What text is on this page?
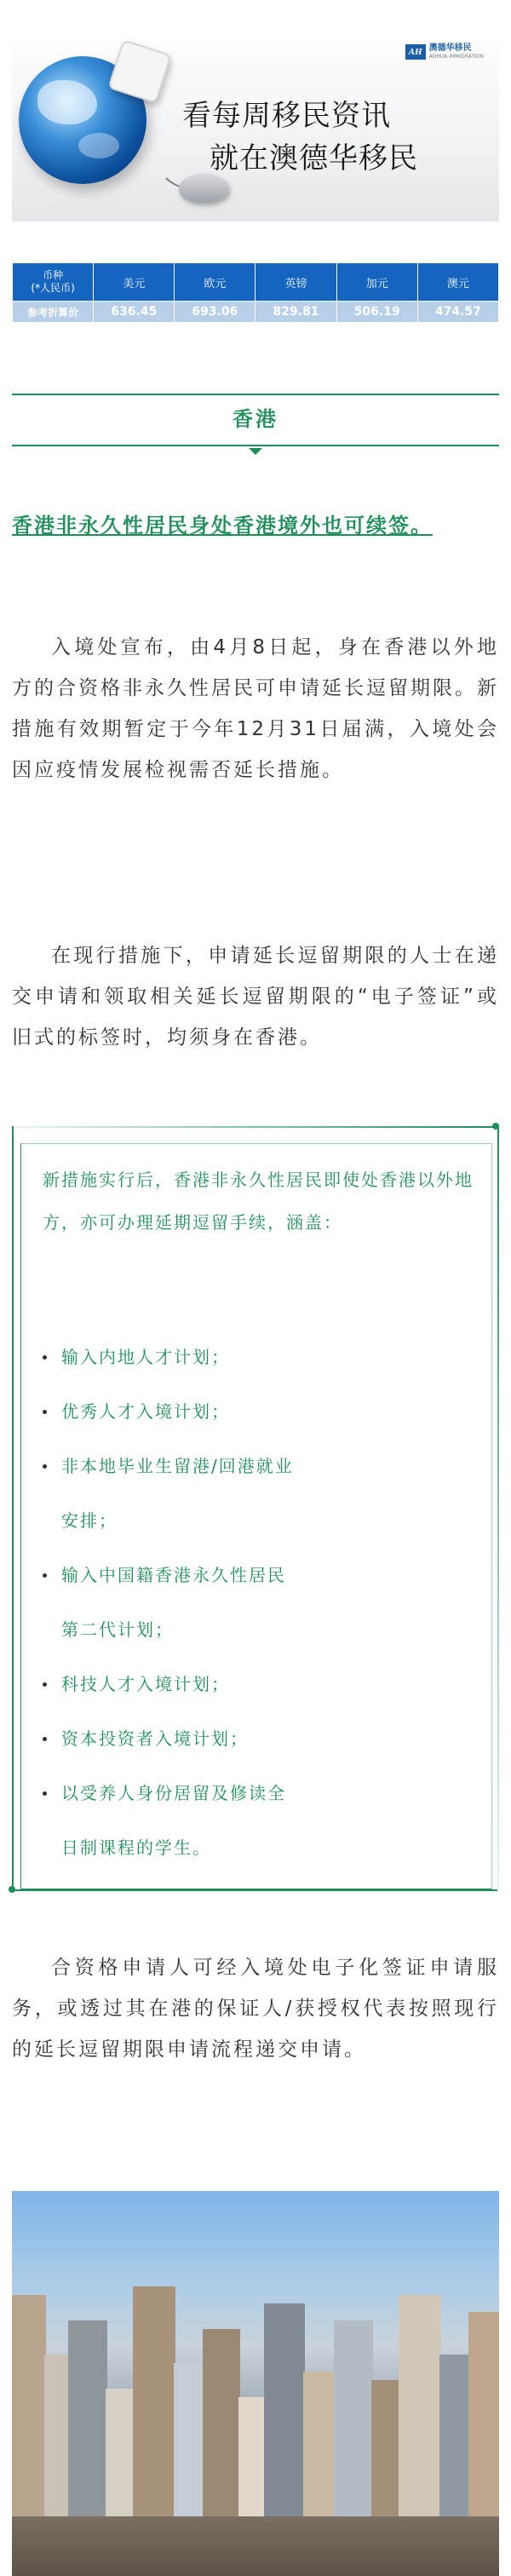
AH 澳德华移民
AOHUA IMMIGRATION
看每周移民资讯
就在澳德华移民
币种
(*人民币)	美元	欧元	英镑	加元	澳元
参考折算价	636.45	693.06	829.81	506.19	474.57
香港
香港非永久性居民身处香港境外也可续签。

入境处宣布，由4月8日起，身在香港以外地方的合资格非永久性居民可申请延长逗留期限。新措施有效期暂定于今年12月31日届满，入境处会因应疫情发展检视需否延长措施。

在现行措施下，申请延长逗留期限的人士在递交申请和领取相关延长逗留期限的“电子签证”或旧式的标签时，均须身在香港。

新措施实行后，香港非永久性居民即使处香港以外地方，亦可办理延期逗留手续，涵盖：
输入内地人才计划；
优秀人才入境计划；
非本地毕业生留港/回港就业
安排；
输入中国籍香港永久性居民
第二代计划；
科技人才入境计划；
资本投资者入境计划；
以受养人身份居留及修读全
日制课程的学生。

合资格申请人可经入境处电子化签证申请服务，或透过其在港的保证人/获授权代表按照现行的延长逗留期限申请流程递交申请。
